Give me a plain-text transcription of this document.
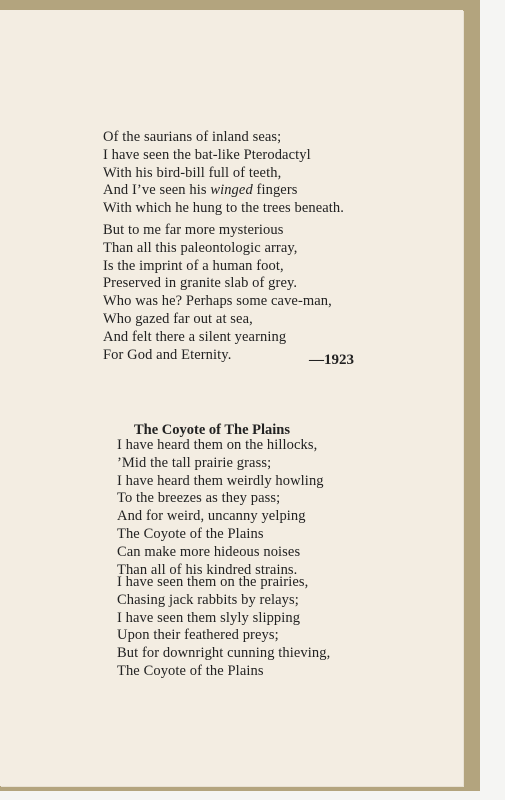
Of the saurians of inland seas;
I have seen the bat-like Pterodactyl
With his bird-bill full of teeth,
And I’ve seen his winged fingers
With which he hung to the trees beneath.
But to me far more mysterious
Than all this paleontologic array,
Is the imprint of a human foot,
Preserved in granite slab of grey.
Who was he? Perhaps some cave-man,
Who gazed far out at sea,
And felt there a silent yearning
For God and Eternity.	—1923
The Coyote of The Plains
I have heard them on the hillocks,
’Mid the tall prairie grass;
I have heard them weirdly howling
To the breezes as they pass;
And for weird, uncanny yelping
The Coyote of the Plains
Can make more hideous noises
Than all of his kindred strains.
I have seen them on the prairies,
Chasing jack rabbits by relays;
I have seen them slyly slipping
Upon their feathered preys;
But for downright cunning thieving,
The Coyote of the Plains
